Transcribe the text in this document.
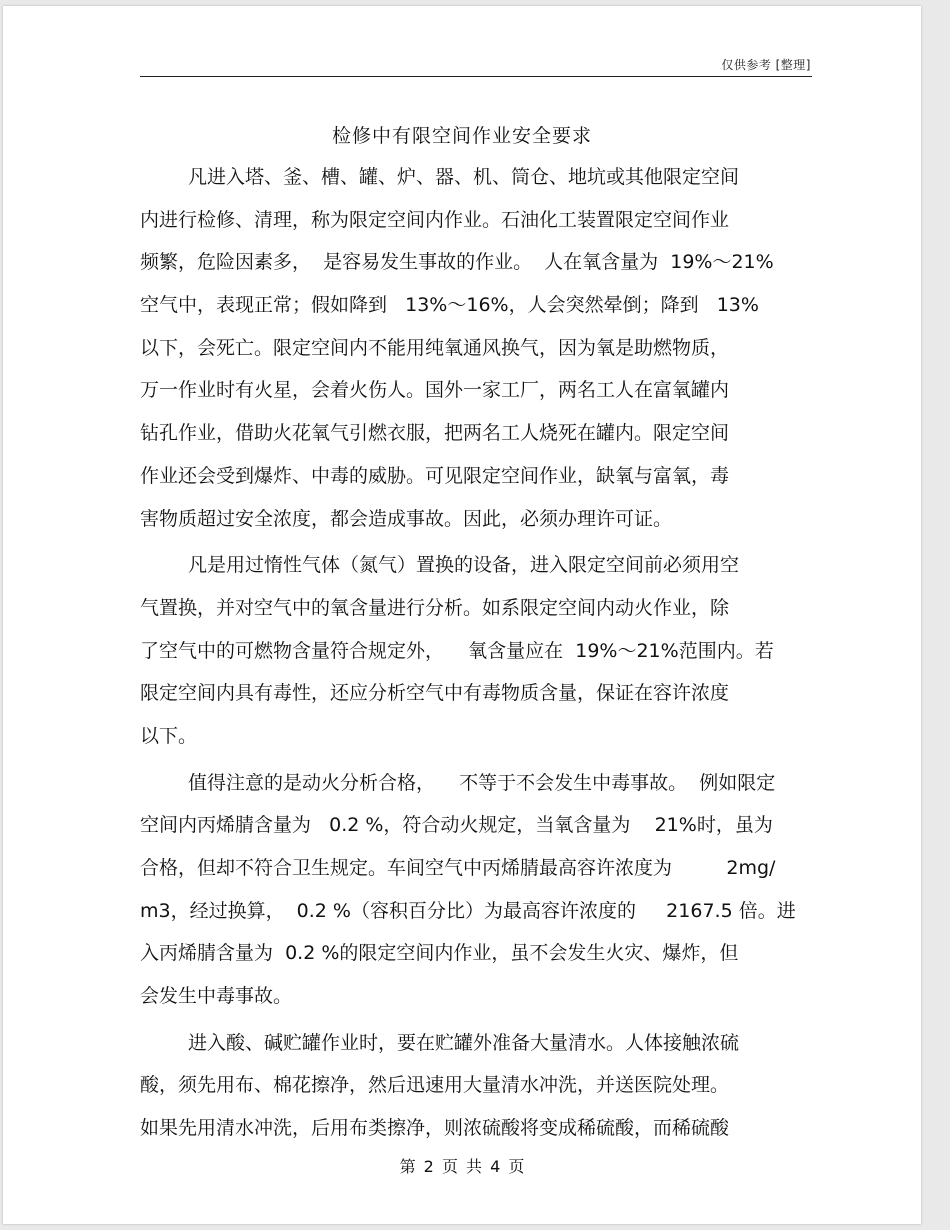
仅供参考 [整理]
检修中有限空间作业安全要求
凡进入塔、釜、槽、罐、炉、器、机、筒仓、地坑或其他限定空间
内进行检修、清理，称为限定空间内作业。石油化工装置限定空间作业
频繁，危险因素多，  是容易发生事故的作业。  人在氧含量为  19%～21%
空气中，表现正常；假如降到   13%～16%，人会突然晕倒；降到   13%
以下，会死亡。限定空间内不能用纯氧通风换气，因为氧是助燃物质，
万一作业时有火星，会着火伤人。国外一家工厂，两名工人在富氧罐内
钻孔作业，借助火花氧气引燃衣服，把两名工人烧死在罐内。限定空间
作业还会受到爆炸、中毒的威胁。可见限定空间作业，缺氧与富氧，毒
害物质超过安全浓度，都会造成事故。因此，必须办理许可证。
凡是用过惰性气体（氮气）置换的设备，进入限定空间前必须用空
气置换，并对空气中的氧含量进行分析。如系限定空间内动火作业，除
了空气中的可燃物含量符合规定外，    氧含量应在  19%～21%范围内。若
限定空间内具有毒性，还应分析空气中有毒物质含量，保证在容许浓度
以下。
值得注意的是动火分析合格，    不等于不会发生中毒事故。  例如限定
空间内丙烯腈含量为   0.2 %，符合动火规定，当氧含量为    21%时，虽为
合格，但却不符合卫生规定。车间空气中丙烯腈最高容许浓度为         2mg/
m3，经过换算，  0.2 %（容积百分比）为最高容许浓度的     2167.5 倍。进
入丙烯腈含量为  0.2 %的限定空间内作业，虽不会发生火灾、爆炸，但
会发生中毒事故。
进入酸、碱贮罐作业时，要在贮罐外准备大量清水。人体接触浓硫
酸，须先用布、棉花擦净，然后迅速用大量清水冲洗，并送医院处理。
如果先用清水冲洗，后用布类擦净，则浓硫酸将变成稀硫酸，而稀硫酸
第 2 页 共 4 页
